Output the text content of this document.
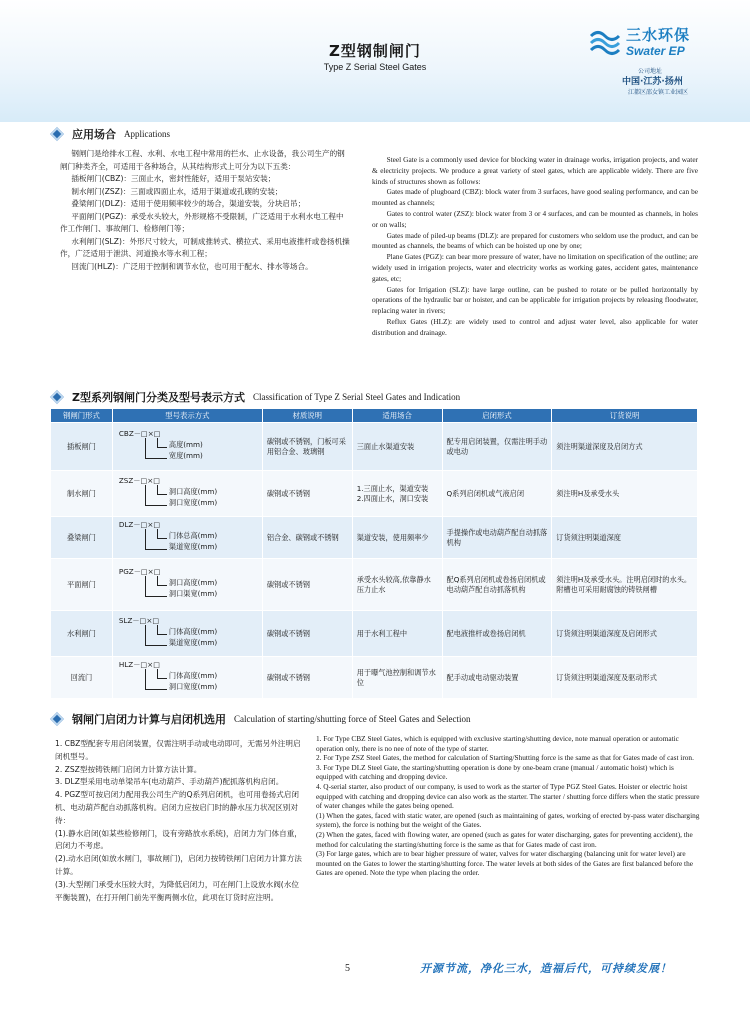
Z型钢制闸门
Type Z Serial Steel Gates
三水环保
Swater EP
公司地址
中国·江苏·扬州
江都区邵女镇工业园区
应用场合 Applications

钢闸门是给排水工程、水利、水电工程中常用的拦水、止水设备，我公司生产的钢闸门种类齐全，可适用于各种场合，从其结构形式上可分为以下五类：

插板闸门(CBZ)：三面止水，密封性能好，适用于泵站安装；

制水闸门(ZSZ)：三面或四面止水，适用于渠道或孔碶的安装；

叠梁闸门(DLZ)：适用于使用频率较少的场合，渠道安装，分块启吊；

平面闸门(PGZ)：承受水头较大，外形规格不受限制，广泛适用于水利水电工程中作工作闸门、事故闸门、检修闸门等；

水利闸门(SLZ)：外形尺寸较大，可制成推转式、横拉式、采用电液推杆或卷扬机操作，广泛适用于泄洪、河道换水等水利工程；

回流门(HLZ)：广泛用于控制和调节水位，也可用于配水、排水等场合。

Steel Gate is a commonly used device for blocking water in drainage works, irrigation projects, and water & electricity projects. We produce a great variety of steel gates, which are applicable widely. There are five kinds of structures shown as follows:

Gates made of plugboard (CBZ): block water from 3 surfaces, have good sealing performance, and can be mounted as channels;

Gates to control water (ZSZ): block water from 3 or 4 surfaces, and can be mounted as channels, in holes or on walls;

Gates made of piled-up beams (DLZ): are prepared for customers who seldom use the product, and can be mounted as channels, the beams of which can be hoisted up one by one;

Plane Gates (PGZ): can bear more pressure of water, have no limitation on specification of the outline; are widely used in irrigation projects, water and electricity works as working gates, accident gates, maintenance gates, etc;

Gates for Irrigation (SLZ): have large outline, can be pushed to rotate or be pulled horizontally by operations of the hydraulic bar or hoister, and can be applicable for irrigation projects by releasing floodwater, replacing water in rivers;

Reflux Gates (HLZ): are widely used to control and adjust water level, also applicable for water distribution and drainage.

Z型系列钢闸门分类及型号表示方式 Classification of Type Z Serial Steel Gates and Indication
钢闸门形式	型号表示方式	材质说明	适用场合	启闭形式	订货说明
插板闸门	CBZ－□×□
高度(mm)
宽度(mm)	碳钢或不锈钢，门板可采用铝合金、玻璃钢	三面止水渠道安装	配专用启闭装置，仅需注明手动或电动	须注明渠道深度及启闭方式
制水闸门	ZSZ－□×□
洞口高度(mm)
洞口宽度(mm)	碳钢或不锈钢	1.三面止水，渠道安装
2.四面止水，洞口安装	Q系列启闭机或气液启闭	须注明H及承受水头
叠梁闸门	DLZ－□×□
门体总高(mm)
渠道宽度(mm)	铝合金、碳钢或不锈钢	渠道安装，使用频率少	手提操作或电动葫芦配自动抓落机构	订货须注明渠道深度
平面闸门	PGZ－□×□
洞口高度(mm)
洞口渠宽(mm)	碳钢或不锈钢	承受水头较高,依靠静水压力止水	配Q系列启闭机或卷扬启闭机或电动葫芦配自动抓落机构	须注明H及承受水头。注明启闭时的水头。附槽也可采用耐腐蚀的铸铁闸槽
水利闸门	SLZ－□×□
门体高度(mm)
渠道宽度(mm)	碳钢或不锈钢	用于水利工程中	配电液推杆或卷扬启闭机	订货须注明渠道深度及启闭形式
回流门	HLZ－□×□
门体高度(mm)
洞口宽度(mm)	碳钢或不锈钢	用于曝气池控制和调节水位	配手动或电动驱动装置	订货须注明渠道深度及驱动形式
钢闸门启闭力计算与启闭机选用 Calculation of starting/shutting force of Steel Gates and Selection

1. CBZ型配套专用启闭装置，仅需注明手动或电动即可，无需另外注明启闭机型号。

2. ZSZ型按铸铁闸门启闭力计算方法计算。

3. DLZ型采用电动单梁吊车(电动葫芦、手动葫芦)配抓落机构启闭。

4. PGZ型可按启闭力配用我公司生产的Q系列启闭机，也可用卷扬式启闭机、电动葫芦配自动抓落机构。启闭力应按启门时的静水压力状况区别对待：

(1).静水启闭(如某些检修闸门，设有旁路放水系统)，启闭力为门体自重，启闭力不考虑。

(2).动水启闭(如放水闸门，事故闸门)，启闭力按铸铁闸门启闭力计算方法计算。

(3).大型闸门承受水压较大时，为降低启闭力，可在闸门上设放水阀(水位平衡装置)，在打开闸门前先平衡两侧水位，此项在订货时应注明。

1. For Type CBZ Steel Gates, which is equipped with exclusive starting/shutting device, note manual operation or automatic operation only, there is no nee of note of the type of starter.

2. For Type ZSZ Steel Gates, the method for calculation of Starting/Shutting force is the same as that for Gates made of cast iron.

3. For Type DLZ Steel Gate, the starting/shutting operation is done by one-beam crane (manual / automatic hoist) which is equipped with catching and dropping device.

4. Q-serial starter, also product of our company, is used to work as the starter of Type PGZ Steel Gates. Hoister or electric hoist equipped with catching and dropping device can also work as the starter. The starter / shutting force differs when the static pressure of water changes while the gates being opened.

(1) When the gates, faced with static water, are opened (such as maintaining of gates, working of erected by-pass water discharging system), the force is nothing but the weight of the Gates.

(2) When the gates, faced with flowing water, are opened (such as gates for water discharging, gates for preventing accident), the method for calculating the starting/shutting force is the same as that for Gates made of cast iron.

(3) For large gates, which are to bear higher pressure of water, valves for water discharging (balancing unit for water level) are mounted on the Gates to lower the starting/shutting force. The water levels at both sides of the Gates are first balanced before the Gates are opened. Note the type when placing the order.

5	开源节流，净化三水，造福后代，可持续发展！
